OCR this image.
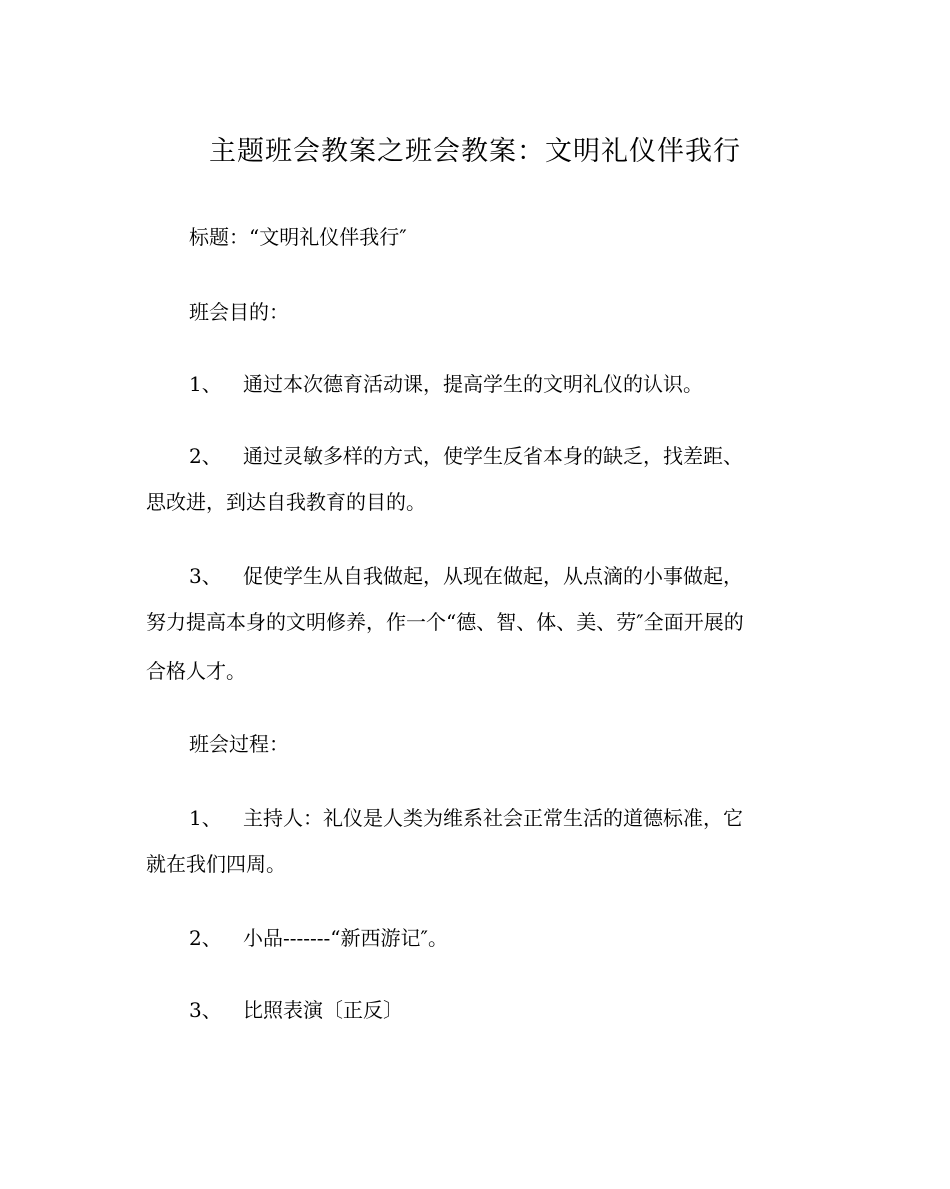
主题班会教案之班会教案：文明礼仪伴我行

标题：“文明礼仪伴我行″

班会目的：

1、 通过本次德育活动课，提高学生的文明礼仪的认识。

2、 通过灵敏多样的方式，使学生反省本身的缺乏，找差距、

思改进，到达自我教育的目的。

3、 促使学生从自我做起，从现在做起，从点滴的小事做起，

努力提高本身的文明修养，作一个“德、智、体、美、劳″全面开展的

合格人才。

班会过程：

1、 主持人：礼仪是人类为维系社会正常生活的道德标准，它

就在我们四周。

2、 小品-------“新西游记″。

3、 比照表演〔正反〕
